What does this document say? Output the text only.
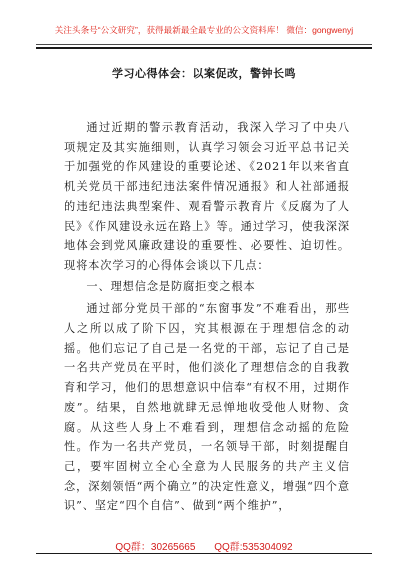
关注头条号“公文研究”，获得最新最全最专业的公文资料库！ 微信：gongwenyj
学习心得体会：以案促改，警钟长鸣

通过近期的警示教育活动，我深入学习了中央八项规定及其实施细则，认真学习领会习近平总书记关于加强党的作风建设的重要论述、《2021年以来省直机关党员干部违纪违法案件情况通报》和人社部通报的违纪违法典型案件、观看警示教育片《反腐为了人民》《作风建设永远在路上》等。通过学习，使我深深地体会到党风廉政建设的重要性、必要性、迫切性。现将本次学习的心得体会谈以下几点：

一、理想信念是防腐拒变之根本

通过部分党员干部的“东窗事发”不难看出，那些人之所以成了阶下囚，究其根源在于理想信念的动摇。他们忘记了自己是一名党的干部，忘记了自己是一名共产党员在平时，他们淡化了理想信念的自我教育和学习，他们的思想意识中信奉“有权不用，过期作废”。结果，自然地就肆无忌惮地收受他人财物、贪腐。从这些人身上不难看到，理想信念动摇的危险性。作为一名共产党员，一名领导干部，时刻提醒自己，要牢固树立全心全意为人民服务的共产主义信念，深刻领悟“两个确立”的决定性意义，增强“四个意识”、坚定“四个自信”、做到“两个维护”，

QQ群：30265665 QQ群:535304092
